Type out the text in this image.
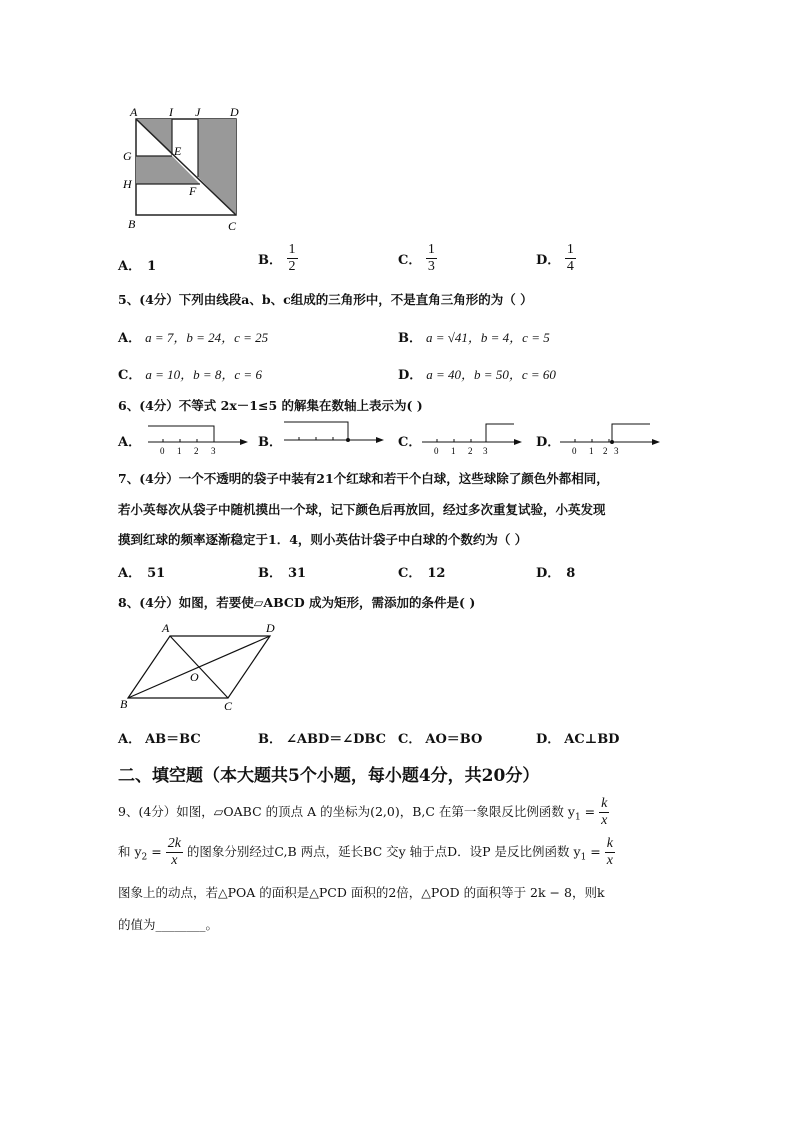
A	I J D
G	E
H	F
B	C
A． 1	B． $\frac{1}{2}$	C． $\frac{1}{3}$	D． $\frac{1}{4}$
5、(4分）下列由线段a、b、c组成的三角形中，不是直角三角形的为（ ）
A． a = 7，b = 24，c = 25	B． a = √41，b = 4，c = 5
C． a = 10，b = 8，c = 6	D． a = 40，b = 50，c = 60
6、(4分）不等式 2x－1≤5 的解集在数轴上表示为( )
A．
0 1 2 3
B．	C．
0 1 2 3
D．
0 1 2 3
7、(4分）一个不透明的袋子中装有21个红球和若干个白球，这些球除了颜色外都相同，
若小英每次从袋子中随机摸出一个球，记下颜色后再放回，经过多次重复试验，小英发现
摸到红球的频率逐渐稳定于1．4，则小英估计袋子中白球的个数约为（ ）
A． 51	B． 31	C． 12	D． 8
8、(4分）如图，若要使▱ABCD 成为矩形，需添加的条件是( )
A	D
O
B	C
A． AB＝BC	B． ∠ABD＝∠DBC C． AO＝BO	D． AC⊥BD
二、填空题（本大题共5个小题，每小题4分，共20分）
9、(4分）如图，▱OABC 的顶点 A 的坐标为(2,0)，B,C 在第一象限反比例函数 $y_1 = \frac{k}{x}$
和 $y_2 = \frac{2k}{x}$ 的图象分别经过C,B 两点，延长BC 交y 轴于点D．设P 是反比例函数 $y_1 = \frac{k}{x}$
图象上的动点，若△POA 的面积是△PCD 面积的2倍，△POD 的面积等于 2k − 8，则k
的值为________。
